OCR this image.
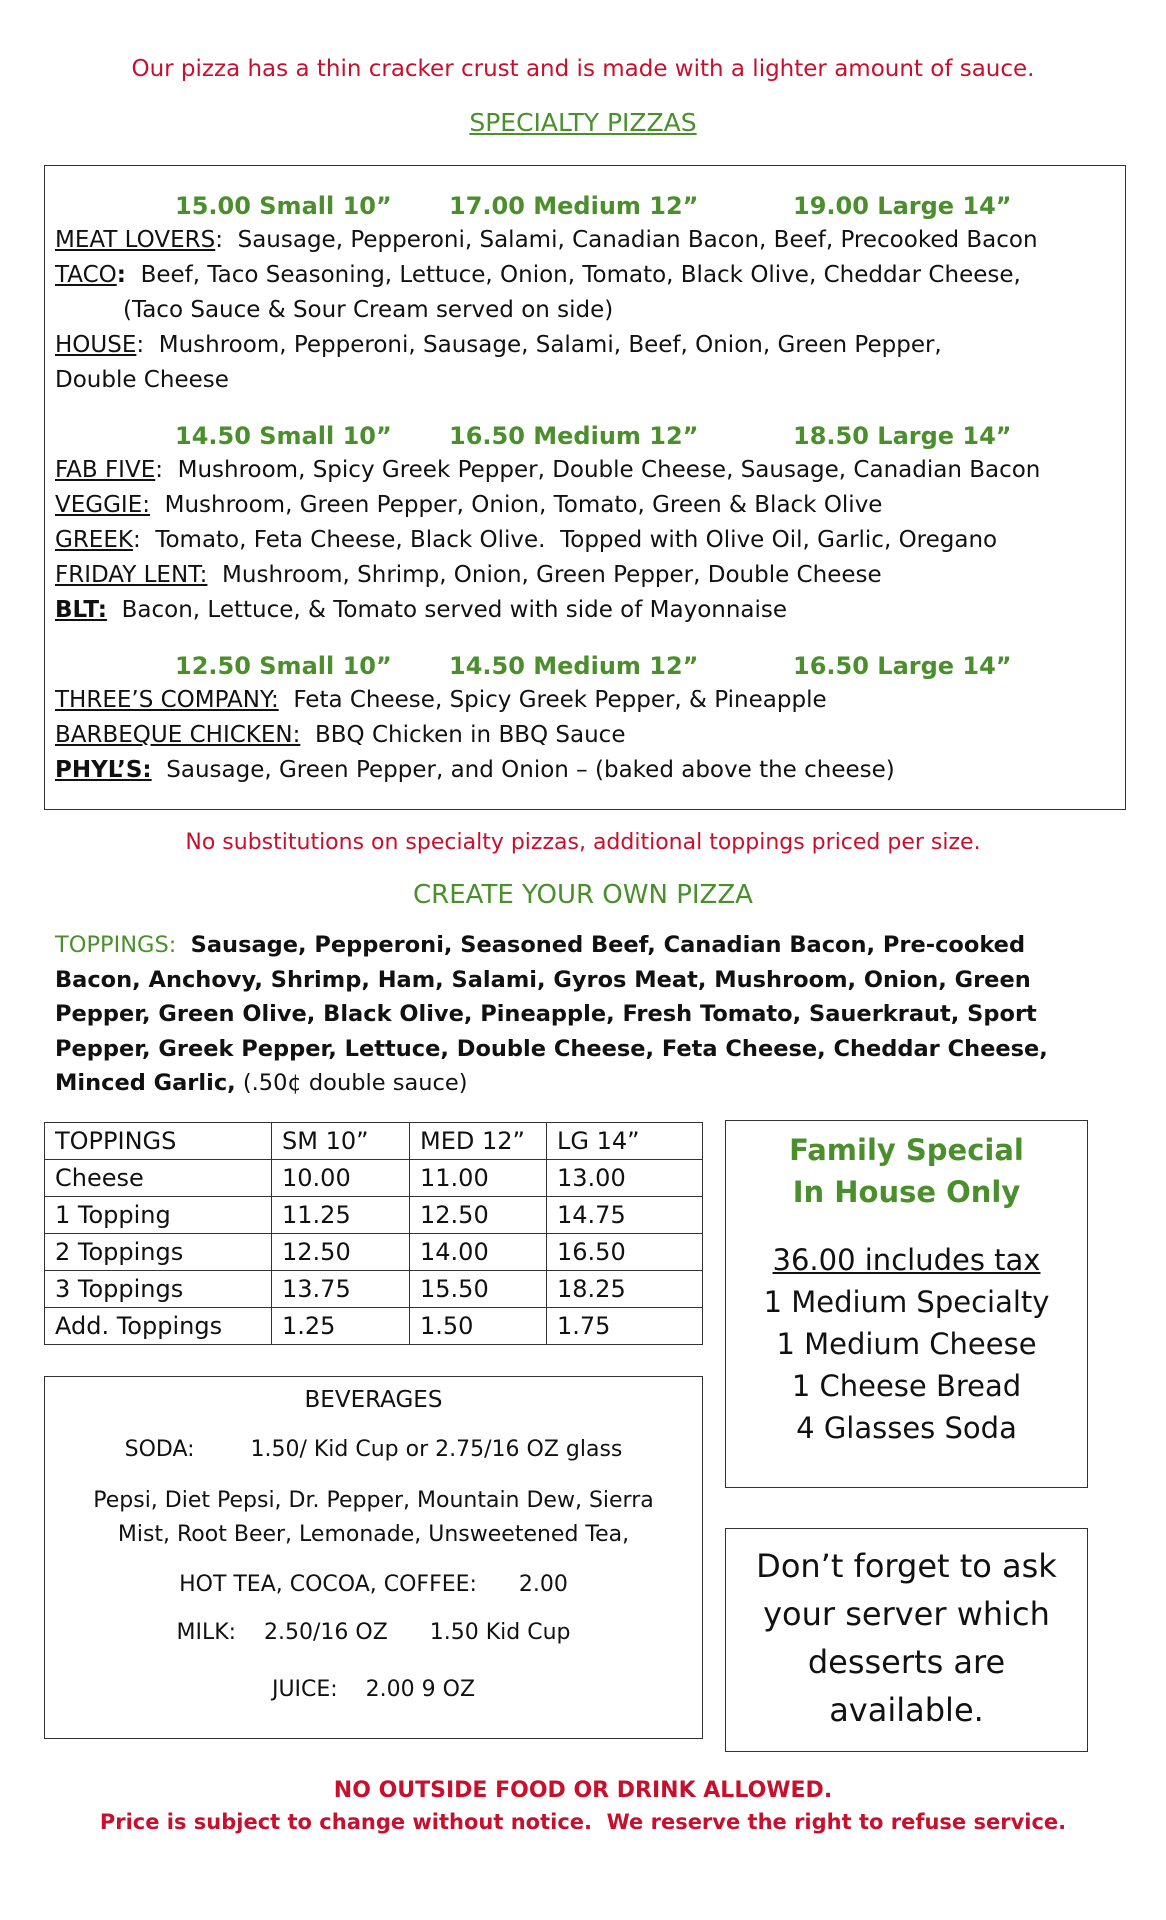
Our pizza has a thin cracker crust and is made with a lighter amount of sauce.
SPECIALTY PIZZAS
15.00 Small 10” 17.00 Medium 12”	19.00 Large 14”
MEAT LOVERS:  Sausage, Pepperoni, Salami, Canadian Bacon, Beef, Precooked Bacon
TACO:  Beef, Taco Seasoning, Lettuce, Onion, Tomato, Black Olive, Cheddar Cheese,
(Taco Sauce & Sour Cream served on side)
HOUSE:  Mushroom, Pepperoni, Sausage, Salami, Beef, Onion, Green Pepper,
Double Cheese
14.50 Small 10” 16.50 Medium 12”	18.50 Large 14”
FAB FIVE:  Mushroom, Spicy Greek Pepper, Double Cheese, Sausage, Canadian Bacon
VEGGIE:  Mushroom, Green Pepper, Onion, Tomato, Green & Black Olive
GREEK:  Tomato, Feta Cheese, Black Olive.  Topped with Olive Oil, Garlic, Oregano
FRIDAY LENT:  Mushroom, Shrimp, Onion, Green Pepper, Double Cheese
BLT:  Bacon, Lettuce, & Tomato served with side of Mayonnaise
12.50 Small 10” 14.50 Medium 12”	16.50 Large 14”
THREE’S COMPANY:  Feta Cheese, Spicy Greek Pepper, & Pineapple
BARBEQUE CHICKEN:  BBQ Chicken in BBQ Sauce
PHYL’S:  Sausage, Green Pepper, and Onion – (baked above the cheese)
No substitutions on specialty pizzas, additional toppings priced per size.
CREATE YOUR OWN PIZZA
TOPPINGS: Sausage, Pepperoni, Seasoned Beef, Canadian Bacon, Pre-cooked Bacon, Anchovy, Shrimp, Ham, Salami, Gyros Meat, Mushroom, Onion, Green Pepper, Green Olive, Black Olive, Pineapple, Fresh Tomato, Sauerkraut, Sport Pepper, Greek Pepper, Lettuce, Double Cheese, Feta Cheese, Cheddar Cheese, Minced Garlic, (.50¢ double sauce)
TOPPINGS	SM 10”	MED 12”	LG 14”
Cheese	10.00	11.00	13.00
1 Topping	11.25	12.50	14.75
2 Toppings	12.50	14.00	16.50
3 Toppings	13.75	15.50	18.25
Add. Toppings	1.25	1.50	1.75
BEVERAGES
SODA:        1.50/ Kid Cup or 2.75/16 OZ glass
Pepsi, Diet Pepsi, Dr. Pepper, Mountain Dew, Sierra
Mist, Root Beer, Lemonade, Unsweetened Tea,
HOT TEA, COCOA, COFFEE:      2.00
MILK:    2.50/16 OZ      1.50 Kid Cup
JUICE:    2.00 9 OZ
Family Special
In House Only
36.00 includes tax
1 Medium Specialty
1 Medium Cheese
1 Cheese Bread
4 Glasses Soda
Don’t forget to ask
your server which
desserts are
available.
NO OUTSIDE FOOD OR DRINK ALLOWED.
Price is subject to change without notice.  We reserve the right to refuse service.
